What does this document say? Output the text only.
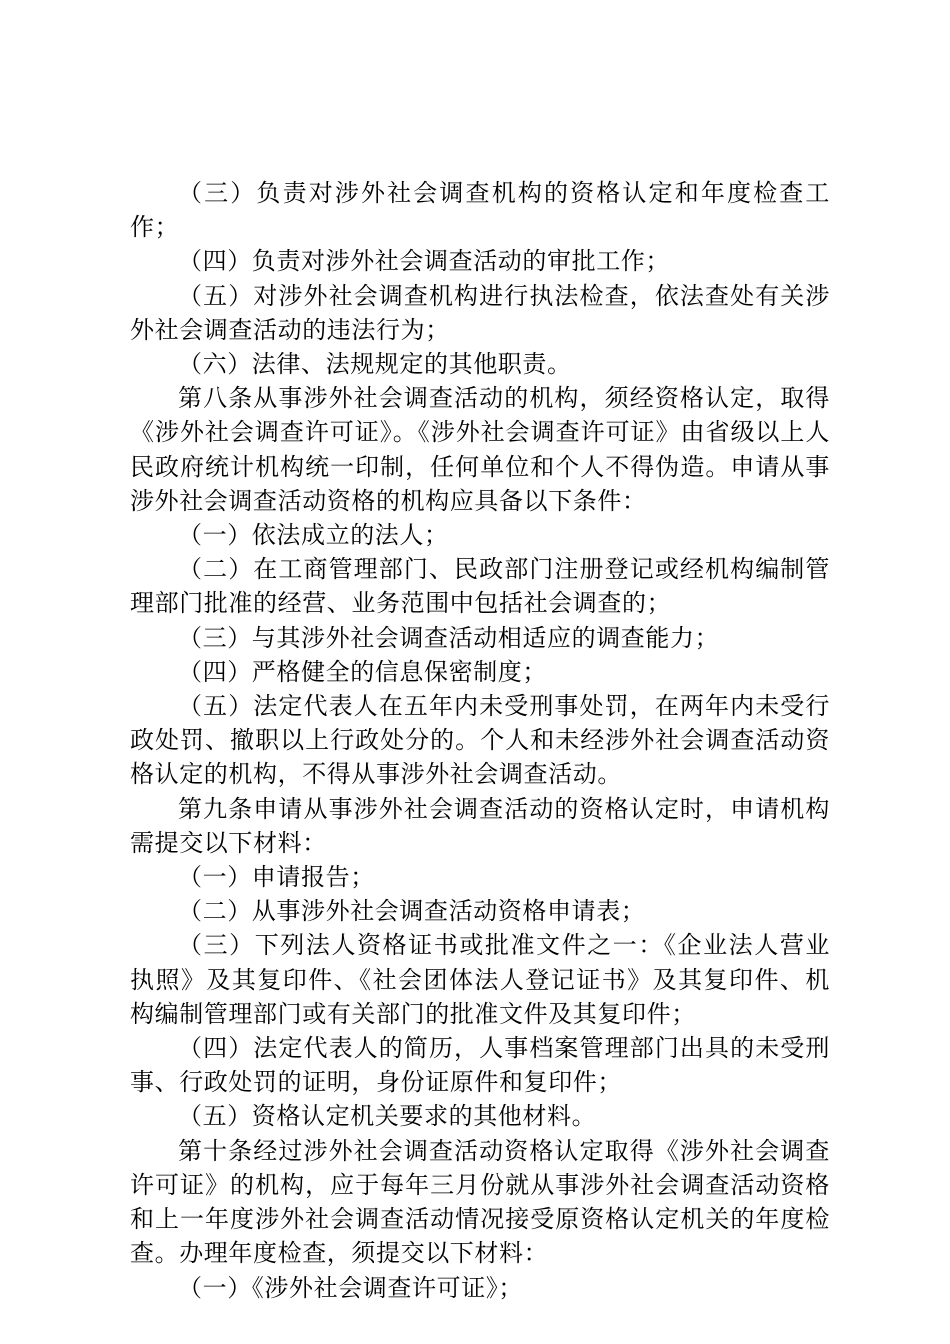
（三）负责对涉外社会调查机构的资格认定和年度检查工作；

（四）负责对涉外社会调查活动的审批工作；

（五）对涉外社会调查机构进行执法检查，依法查处有关涉外社会调查活动的违法行为；

（六）法律、法规规定的其他职责。

第八条从事涉外社会调查活动的机构，须经资格认定，取得《涉外社会调查许可证》。《涉外社会调查许可证》由省级以上人民政府统计机构统一印制，任何单位和个人不得伪造。申请从事涉外社会调查活动资格的机构应具备以下条件：

（一）依法成立的法人；

（二）在工商管理部门、民政部门注册登记或经机构编制管理部门批准的经营、业务范围中包括社会调查的；

（三）与其涉外社会调查活动相适应的调查能力；

（四）严格健全的信息保密制度；

（五）法定代表人在五年内未受刑事处罚，在两年内未受行政处罚、撤职以上行政处分的。个人和未经涉外社会调查活动资格认定的机构，不得从事涉外社会调查活动。

第九条申请从事涉外社会调查活动的资格认定时，申请机构需提交以下材料：

（一）申请报告；

（二）从事涉外社会调查活动资格申请表；

（三）下列法人资格证书或批准文件之一：《企业法人营业执照》及其复印件、《社会团体法人登记证书》及其复印件、机构编制管理部门或有关部门的批准文件及其复印件；

（四）法定代表人的简历，人事档案管理部门出具的未受刑事、行政处罚的证明，身份证原件和复印件；

（五）资格认定机关要求的其他材料。

第十条经过涉外社会调查活动资格认定取得《涉外社会调查许可证》的机构，应于每年三月份就从事涉外社会调查活动资格和上一年度涉外社会调查活动情况接受原资格认定机关的年度检查。办理年度检查，须提交以下材料：

（一）《涉外社会调查许可证》；
